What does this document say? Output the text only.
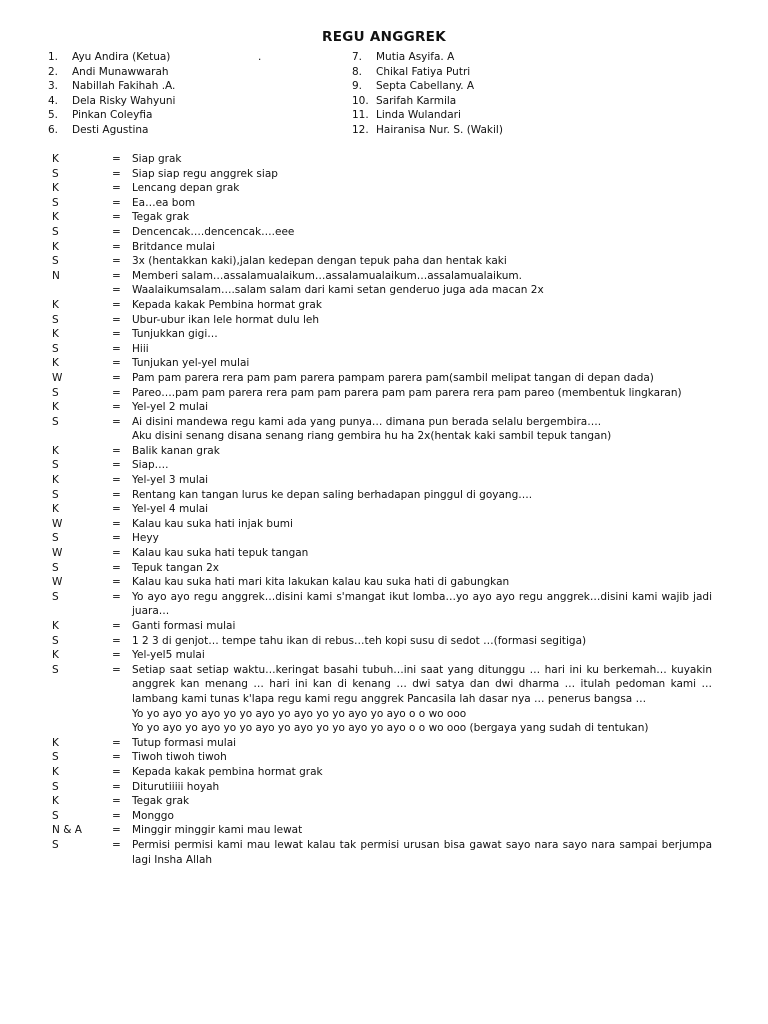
REGU ANGGREK
1.	Ayu Andira (Ketua)
2.	Andi Munawwarah
3.	Nabillah Fakihah .A.
4.	Dela Risky Wahyuni
5.	Pinkan Coleyfia
6.	Desti Agustina
.	7.	Mutia Asyifa. A
8.	Chikal Fatiya Putri
9.	Septa Cabellany. A
10. Sarifah Karmila
11. Linda Wulandari
12. Hairanisa Nur. S. (Wakil)
K	=	Siap grak
S	=	Siap siap regu anggrek siap
K	=	Lencang depan grak
S	=	Ea…ea bom
K	=	Tegak grak
S	=	Dencencak….dencencak….eee
K	=	Britdance mulai
S	=	3x (hentakkan kaki),jalan kedepan dengan tepuk paha dan hentak kaki
N	=	Memberi salam…assalamualaikum…assalamualaikum…assalamualaikum.
=	Waalaikumsalam….salam salam dari kami setan genderuo juga ada macan 2x
K	=	Kepada kakak Pembina hormat grak
S	=	Ubur-ubur ikan lele hormat dulu leh
K	=	Tunjukkan gigi…
S	=	Hiii
K	=	Tunjukan yel-yel mulai
W	=	Pam pam parera rera pam pam parera pampam parera pam(sambil melipat tangan di depan dada)
S	=	Pareo….pam pam parera rera pam pam parera pam pam parera rera pam pareo (membentuk lingkaran)
K	=	Yel-yel 2 mulai
S	=	Ai disini mandewa regu kami ada yang punya… dimana pun berada selalu bergembira….
Aku disini senang disana senang riang gembira hu ha 2x(hentak kaki sambil tepuk tangan)
K	=	Balik kanan grak
S	=	Siap….
K	=	Yel-yel 3 mulai
S	=	Rentang kan tangan lurus ke depan saling berhadapan pinggul di goyang….
K	=	Yel-yel 4 mulai
W	=	Kalau kau suka hati injak bumi
S	=	Heyy
W	=	Kalau kau suka hati tepuk tangan
S	=	Tepuk tangan 2x
W	=	Kalau kau suka hati mari kita lakukan kalau kau suka hati di gabungkan
S	=	Yo ayo ayo regu anggrek…disini kami s'mangat ikut lomba…yo ayo ayo regu anggrek…disini kami wajib jadi juara…
K	=	Ganti formasi mulai
S	=	1 2 3 di genjot… tempe tahu ikan di rebus…teh kopi susu di sedot …(formasi segitiga)
K	=	Yel-yel5 mulai
S	=	Setiap saat setiap waktu…keringat basahi tubuh…ini saat yang ditunggu … hari ini ku berkemah… kuyakin anggrek kan menang … hari ini kan di kenang … dwi satya dan dwi dharma … itulah pedoman kami … lambang kami tunas k'lapa regu kami regu anggrek Pancasila lah dasar nya … penerus bangsa …
Yo yo ayo yo ayo yo yo ayo yo ayo yo yo ayo yo ayo o o wo ooo
Yo yo ayo yo ayo yo yo ayo yo ayo yo yo ayo yo ayo o o wo ooo (bergaya yang sudah di tentukan)
K	=	Tutup formasi mulai
S	=	Tiwoh tiwoh tiwoh
K	=	Kepada kakak pembina hormat grak
S	=	Diturutiiiii hoyah
K	=	Tegak grak
S	=	Monggo
N & A	=	Minggir minggir kami mau lewat
S	=	Permisi permisi kami mau lewat kalau tak permisi urusan bisa gawat sayo nara sayo nara sampai berjumpa lagi Insha Allah
